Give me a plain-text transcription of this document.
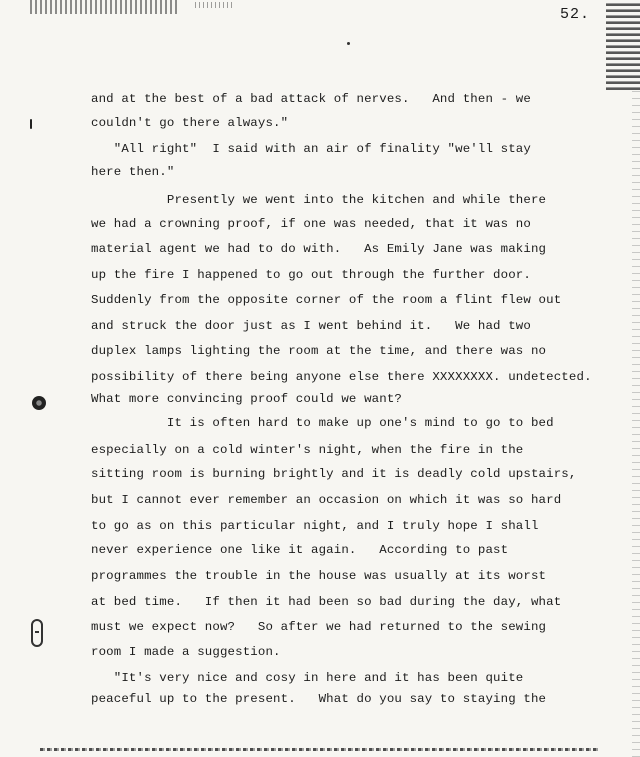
52.

and at the best of a bad attack of nerves.   And then - we

couldn't go there always."

"All right"  I said with an air of finality "we'll stay

here then."

Presently we went into the kitchen and while there

we had a crowning proof, if one was needed, that it was no

material agent we had to do with.   As Emily Jane was making

up the fire I happened to go out through the further door.

Suddenly from the opposite corner of the room a flint flew out

and struck the door just as I went behind it.   We had two

duplex lamps lighting the room at the time, and there was no

possibility of there being anyone else there XXXXXXXX. undetected.

What more convincing proof could we want?

It is often hard to make up one's mind to go to bed

especially on a cold winter's night, when the fire in the

sitting room is burning brightly and it is deadly cold upstairs,

but I cannot ever remember an occasion on which it was so hard

to go as on this particular night, and I truly hope I shall

never experience one like it again.   According to past

programmes the trouble in the house was usually at its worst

at bed time.   If then it had been so bad during the day, what

must we expect now?   So after we had returned to the sewing

room I made a suggestion.

"It's very nice and cosy in here and it has been quite

peaceful up to the present.   What do you say to staying the
